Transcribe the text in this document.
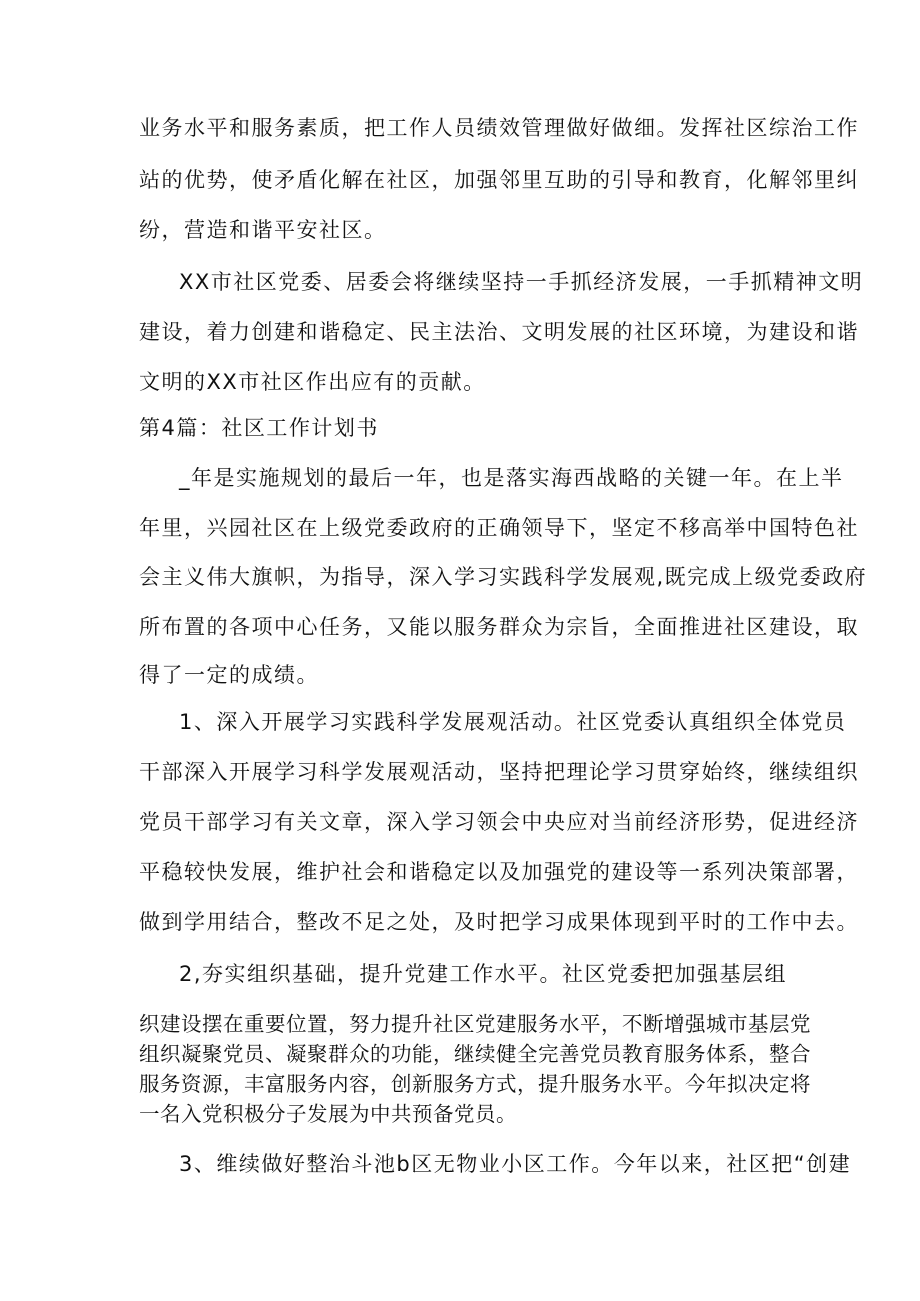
业务水平和服务素质，把工作人员绩效管理做好做细。发挥社区综治工作
站的优势，使矛盾化解在社区，加强邻里互助的引导和教育，化解邻里纠
纷，营造和谐平安社区。
XX市社区党委、居委会将继续坚持一手抓经济发展，一手抓精神文明
建设，着力创建和谐稳定、民主法治、文明发展的社区环境，为建设和谐
文明的XX市社区作出应有的贡献。
第4篇：社区工作计划书
_年是实施规划的最后一年，也是落实海西战略的关键一年。在上半
年里，兴园社区在上级党委政府的正确领导下，坚定不移高举中国特色社
会主义伟大旗帜，为指导，深入学习实践科学发展观,既完成上级党委政府
所布置的各项中心任务，又能以服务群众为宗旨，全面推进社区建设，取
得了一定的成绩。
1、深入开展学习实践科学发展观活动。社区党委认真组织全体党员
干部深入开展学习科学发展观活动，坚持把理论学习贯穿始终，继续组织
党员干部学习有关文章，深入学习领会中央应对当前经济形势，促进经济
平稳较快发展，维护社会和谐稳定以及加强党的建设等一系列决策部署，
做到学用结合，整改不足之处，及时把学习成果体现到平时的工作中去。
2,夯实组织基础，提升党建工作水平。社区党委把加强基层组
织建设摆在重要位置，努力提升社区党建服务水平，不断增强城市基层党
组织凝聚党员、凝聚群众的功能，继续健全完善党员教育服务体系，整合
服务资源，丰富服务内容，创新服务方式，提升服务水平。今年拟决定将
一名入党积极分子发展为中共预备党员。
3、维续做好整治斗池b区无物业小区工作。今年以来，社区把“创建
